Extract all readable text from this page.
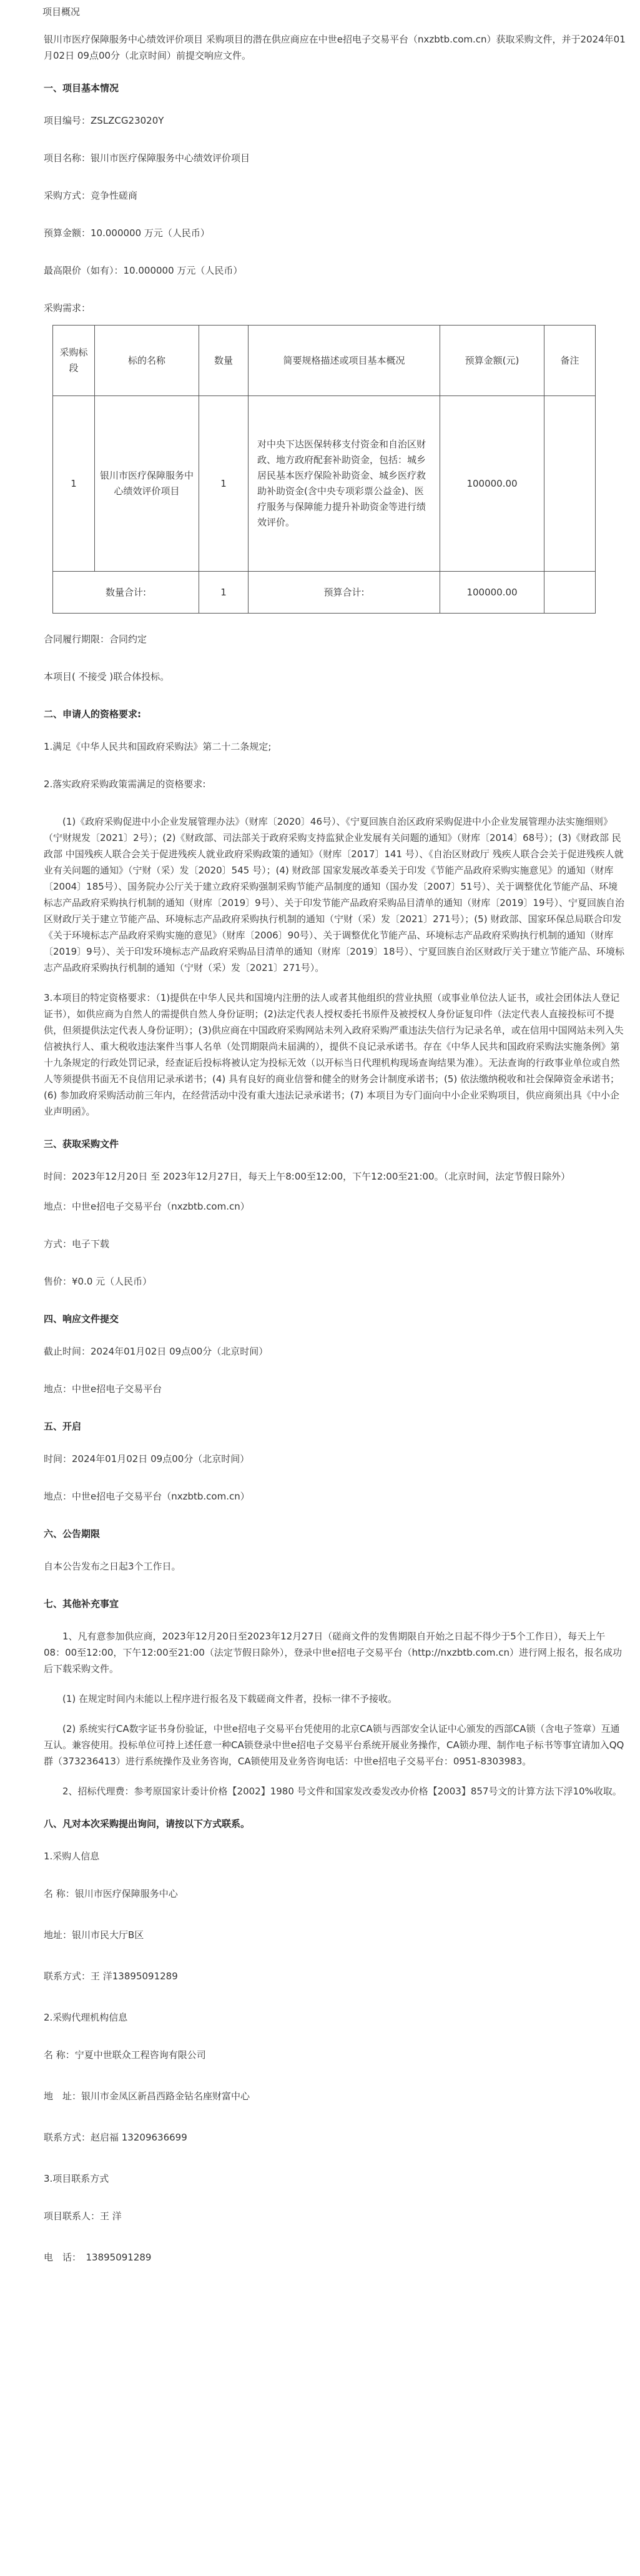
项目概况

银川市医疗保障服务中心绩效评价项目 采购项目的潜在供应商应在中世e招电子交易平台（nxzbtb.com.cn）获取采购文件，并于2024年01月02日 09点00分（北京时间）前提交响应文件。

一、项目基本情况

项目编号：ZSLZCG23020Y

项目名称：银川市医疗保障服务中心绩效评价项目

采购方式：竞争性磋商

预算金额：10.000000 万元（人民币）

最高限价（如有）：10.000000 万元（人民币）

采购需求：

采购标段	标的名称	数量	简要规格描述或项目基本概况	预算金额(元)	备注
1	银川市医疗保障服务中心绩效评价项目	1	对中央下达医保转移支付资金和自治区财政、地方政府配套补助资金，包括：城乡居民基本医疗保险补助资金、城乡医疗救助补助资金(含中央专项彩票公益金)、医疗服务与保障能力提升补助资金等进行绩效评价。	100000.00	
数量合计:		1	预算合计:	100000.00	

合同履行期限：合同约定

本项目( 不接受 )联合体投标。

二、申请人的资格要求:

1.满足《中华人民共和国政府采购法》第二十二条规定;

2.落实政府采购政策需满足的资格要求:

(1)《政府采购促进中小企业发展管理办法》（财库〔2020〕46号）、《宁夏回族自治区政府采购促进中小企业发展管理办法实施细则》（宁财规发〔2021〕2号）；(2)《财政部、司法部关于政府采购支持监狱企业发展有关问题的通知》（财库〔2014〕68号）；(3)《财政部 民政部 中国残疾人联合会关于促进残疾人就业政府采购政策的通知》（财库〔2017〕141 号）、《自治区财政厅 残疾人联合会关于促进残疾人就业有关问题的通知》（宁财（采）发〔2020〕545 号）；(4) 财政部 国家发展改革委关于印发《节能产品政府采购实施意见》的通知（财库〔2004〕185号）、国务院办公厅关于建立政府采购强制采购节能产品制度的通知（国办发〔2007〕51号）、关于调整优化节能产品、环境标志产品政府采购执行机制的通知（财库〔2019〕9号）、关于印发节能产品政府采购品目清单的通知（财库〔2019〕19号）、宁夏回族自治区财政厅关于建立节能产品、环境标志产品政府采购执行机制的通知（宁财（采）发〔2021〕271号）；(5) 财政部、国家环保总局联合印发《关于环境标志产品政府采购实施的意见》（财库〔2006〕90号）、关于调整优化节能产品、环境标志产品政府采购执行机制的通知（财库〔2019〕9号）、关于印发环境标志产品政府采购品目清单的通知（财库〔2019〕18号）、宁夏回族自治区财政厅关于建立节能产品、环境标志产品政府采购执行机制的通知（宁财（采）发〔2021〕271号）。

3.本项目的特定资格要求：（1)提供在中华人民共和国境内注册的法人或者其他组织的营业执照（或事业单位法人证书，或社会团体法人登记证书），如供应商为自然人的需提供自然人身份证明；(2)法定代表人授权委托书原件及被授权人身份证复印件（法定代表人直接投标可不提供，但须提供法定代表人身份证明）；(3)供应商在中国政府采购网站未列入政府采购严重违法失信行为记录名单，或在信用中国网站未列入失信被执行人、重大税收违法案件当事人名单（处罚期限尚未届满的），提供不良记录承诺书。存在《中华人民共和国政府采购法实施条例》第十九条规定的行政处罚记录，经查证后投标将被认定为投标无效（以开标当日代理机构现场查询结果为准）。无法查询的行政事业单位或自然人等须提供书面无不良信用记录承诺书；(4) 具有良好的商业信誉和健全的财务会计制度承诺书；(5) 依法缴纳税收和社会保障资金承诺书；(6) 参加政府采购活动前三年内，在经营活动中没有重大违法记录承诺书；(7) 本项目为专门面向中小企业采购项目，供应商须出具《中小企业声明函》。

三、获取采购文件

时间：2023年12月20日 至 2023年12月27日，每天上午8:00至12:00，下午12:00至21:00。（北京时间，法定节假日除外）

地点：中世e招电子交易平台（nxzbtb.com.cn）

方式：电子下载

售价：¥0.0 元（人民币）

四、响应文件提交

截止时间：2024年01月02日 09点00分（北京时间）

地点：中世e招电子交易平台

五、开启

时间：2024年01月02日 09点00分（北京时间）

地点：中世e招电子交易平台（nxzbtb.com.cn）

六、公告期限

自本公告发布之日起3个工作日。

七、其他补充事宜

1、凡有意参加供应商，2023年12月20日至2023年12月27日（磋商文件的发售期限自开始之日起不得少于5个工作日），每天上午08：00至12:00，下午12:00至21:00（法定节假日除外），登录中世e招电子交易平台（http://nxzbtb.com.cn）进行网上报名，报名成功后下载采购文件。

(1) 在规定时间内未能以上程序进行报名及下载磋商文件者，投标一律不予接收。

(2) 系统实行CA数字证书身份验证，中世e招电子交易平台凭使用的北京CA锁与西部安全认证中心颁发的西部CA锁（含电子签章）互通互认。兼容使用。投标单位可持上述任意一种CA锁登录中世e招电子交易平台系统开展业务操作，CA锁办理、制作电子标书等事宜请加入QQ群（373236413）进行系统操作及业务咨询，CA锁使用及业务咨询电话：中世e招电子交易平台：0951-8303983。

2、招标代理费：参考原国家计委计价格【2002】1980 号文件和国家发改委发改办价格【2003】857号文的计算方法下浮10%收取。

八、凡对本次采购提出询问，请按以下方式联系。

1.采购人信息

名 称：银川市医疗保障服务中心

地址：银川市民大厅B区

联系方式：王 洋13895091289

2.采购代理机构信息

名 称：宁夏中世联众工程咨询有限公司

地　址：银川市金凤区新昌西路金钻名座财富中心

联系方式：赵启福 13209636699

3.项目联系方式

项目联系人：王 洋

电　话：　13895091289
